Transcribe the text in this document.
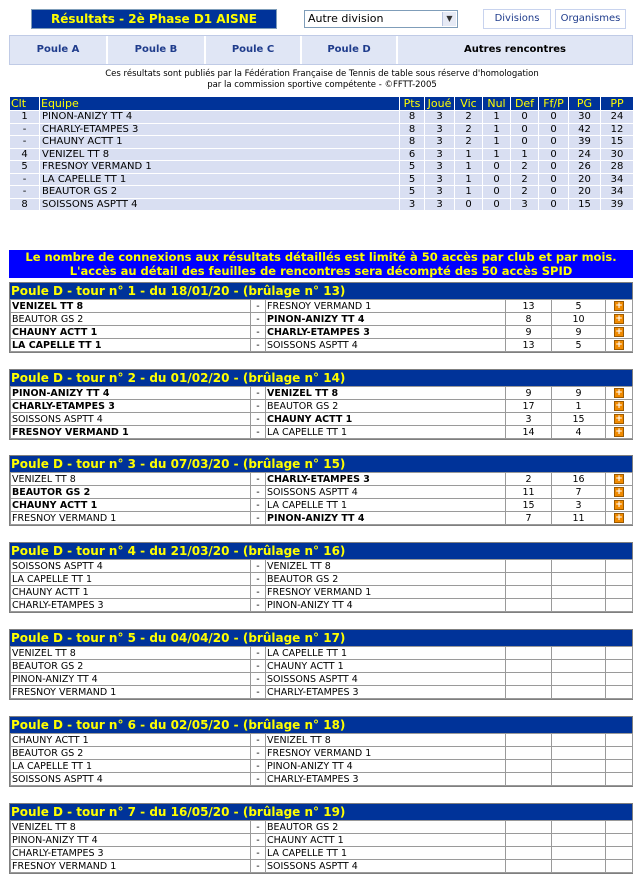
Résultats - 2è Phase D1 AISNE	Autre division	▼	Divisions	Organismes
Poule A	Poule B	Poule C	Poule D	Autres rencontres
Ces résultats sont publiés par la Fédération Française de Tennis de table sous réserve d'homologation
par la commission sportive compétente - ©FFTT-2005
Clt	Equipe	Pts	Joué	Vic	Nul	Def	Ff/P	PG	PP
1	PINON-ANIZY TT 4	8	3	2	1	0	0	30	24
-	CHARLY-ETAMPES 3	8	3	2	1	0	0	42	12
-	CHAUNY ACTT 1	8	3	2	1	0	0	39	15
4	VENIZEL TT 8	6	3	1	1	1	0	24	30
5	FRESNOY VERMAND 1	5	3	1	0	2	0	26	28
-	LA CAPELLE TT 1	5	3	1	0	2	0	20	34
-	BEAUTOR GS 2	5	3	1	0	2	0	20	34
8	SOISSONS ASPTT 4	3	3	0	0	3	0	15	39
Le nombre de connexions aux résultats détaillés est limité à 50 accès par club et par mois.
L'accès au détail des feuilles de rencontres sera décompté des 50 accès SPID
Poule D - tour n° 1 - du 18/01/20 - (brûlage n° 13)
VENIZEL TT 8	-	FRESNOY VERMAND 1	13	5	+
BEAUTOR GS 2	-	PINON-ANIZY TT 4	8	10	+
CHAUNY ACTT 1	-	CHARLY-ETAMPES 3	9	9	+
LA CAPELLE TT 1	-	SOISSONS ASPTT 4	13	5	+
Poule D - tour n° 2 - du 01/02/20 - (brûlage n° 14)
PINON-ANIZY TT 4	-	VENIZEL TT 8	9	9	+
CHARLY-ETAMPES 3	-	BEAUTOR GS 2	17	1	+
SOISSONS ASPTT 4	-	CHAUNY ACTT 1	3	15	+
FRESNOY VERMAND 1	-	LA CAPELLE TT 1	14	4	+
Poule D - tour n° 3 - du 07/03/20 - (brûlage n° 15)
VENIZEL TT 8	-	CHARLY-ETAMPES 3	2	16	+
BEAUTOR GS 2	-	SOISSONS ASPTT 4	11	7	+
CHAUNY ACTT 1	-	LA CAPELLE TT 1	15	3	+
FRESNOY VERMAND 1	-	PINON-ANIZY TT 4	7	11	+
Poule D - tour n° 4 - du 21/03/20 - (brûlage n° 16)
SOISSONS ASPTT 4	-	VENIZEL TT 8			
LA CAPELLE TT 1	-	BEAUTOR GS 2			
CHAUNY ACTT 1	-	FRESNOY VERMAND 1			
CHARLY-ETAMPES 3	-	PINON-ANIZY TT 4			
Poule D - tour n° 5 - du 04/04/20 - (brûlage n° 17)
VENIZEL TT 8	-	LA CAPELLE TT 1			
BEAUTOR GS 2	-	CHAUNY ACTT 1			
PINON-ANIZY TT 4	-	SOISSONS ASPTT 4			
FRESNOY VERMAND 1	-	CHARLY-ETAMPES 3			
Poule D - tour n° 6 - du 02/05/20 - (brûlage n° 18)
CHAUNY ACTT 1	-	VENIZEL TT 8			
BEAUTOR GS 2	-	FRESNOY VERMAND 1			
LA CAPELLE TT 1	-	PINON-ANIZY TT 4			
SOISSONS ASPTT 4	-	CHARLY-ETAMPES 3			
Poule D - tour n° 7 - du 16/05/20 - (brûlage n° 19)
VENIZEL TT 8	-	BEAUTOR GS 2			
PINON-ANIZY TT 4	-	CHAUNY ACTT 1			
CHARLY-ETAMPES 3	-	LA CAPELLE TT 1			
FRESNOY VERMAND 1	-	SOISSONS ASPTT 4			
